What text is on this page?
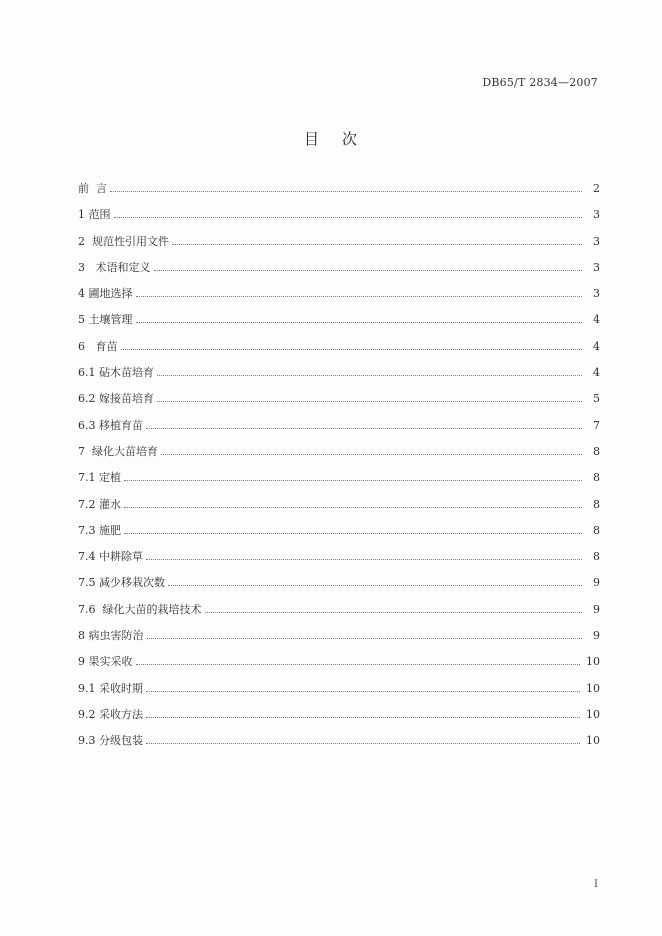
DB65/T 2834—2007
目 次
前  言	2
1 范围	3
2  规范性引用文件	3
3   术语和定义	3
4 圃地选择	3
5 土壤管理	4
6   育苗	4
6.1 砧木苗培育	4
6.2 嫁接苗培育	5
6.3 移植育苗	7
7  绿化大苗培育	8
7.1 定植	8
7.2 灌水	8
7.3 施肥	8
7.4 中耕除草	8
7.5 减少移栽次数	9
7.6  绿化大苗的栽培技术	9
8 病虫害防治	9
9 果实采收	10
9.1 采收时期	10
9.2 采收方法	10
9.3 分级包装	10
I
